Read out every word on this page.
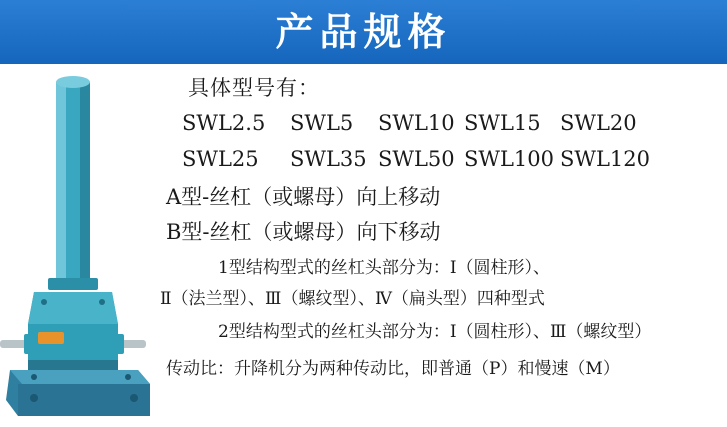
产品规格
具体型号有：
SWL2.5 SWL5 SWL10 SWL15 SWL20
SWL25 SWL35 SWL50 SWL100 SWL120
A型-丝杠（或螺母）向上移动
B型-丝杠（或螺母）向下移动
1型结构型式的丝杠头部分为：Ⅰ（圆柱形）、
Ⅱ（法兰型）、Ⅲ（螺纹型）、Ⅳ（扁头型）四种型式
2型结构型式的丝杠头部分为：Ⅰ（圆柱形）、Ⅲ（螺纹型）
传动比：升降机分为两种传动比，即普通（P）和慢速（M）
